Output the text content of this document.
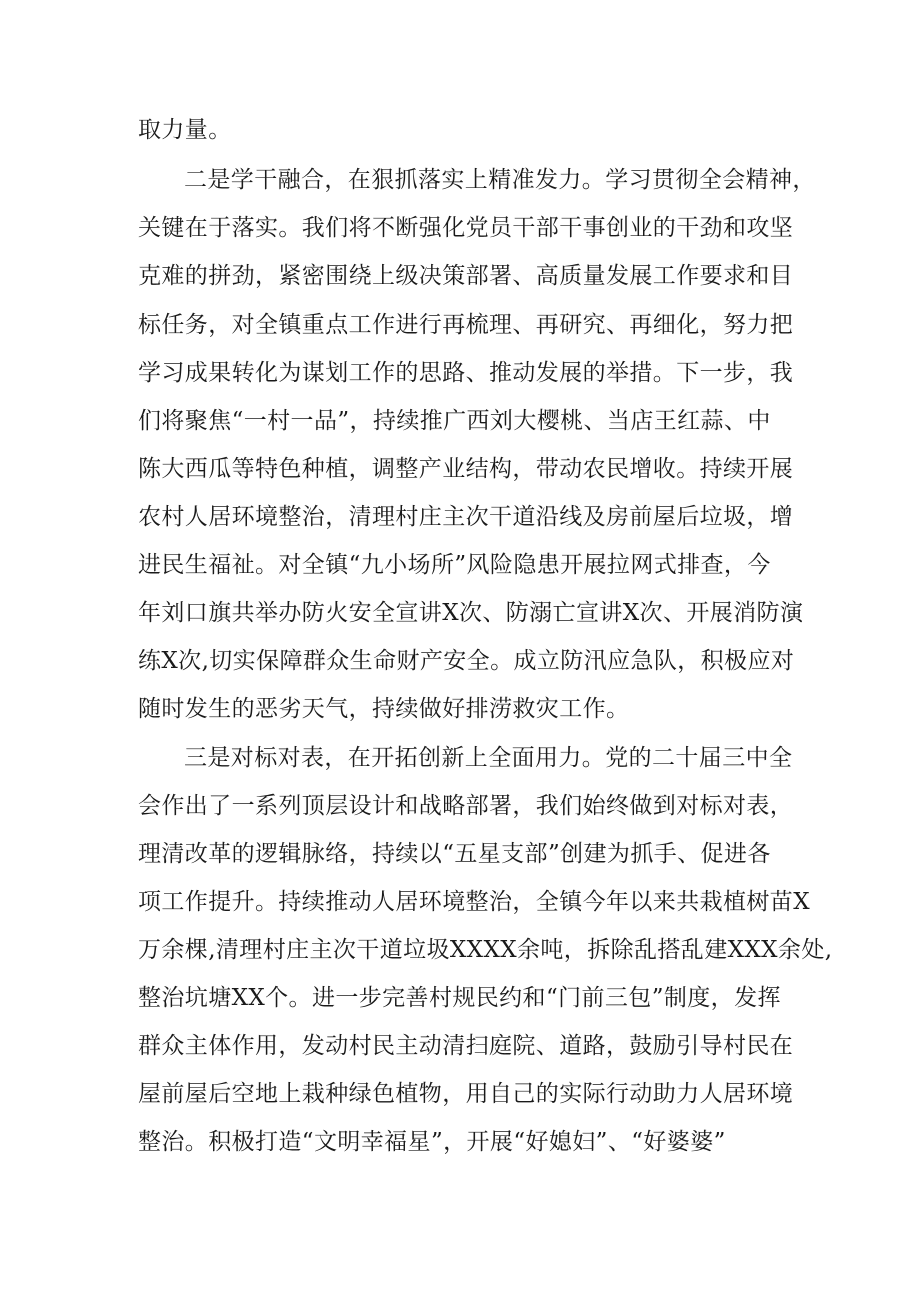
取力量。
二是学干融合，在狠抓落实上精准发力。学习贯彻全会精神，
关键在于落实。我们将不断强化党员干部干事创业的干劲和攻坚
克难的拼劲，紧密围绕上级决策部署、高质量发展工作要求和目
标任务，对全镇重点工作进行再梳理、再研究、再细化，努力把
学习成果转化为谋划工作的思路、推动发展的举措。下一步，我
们将聚焦“一村一品”，持续推广西刘大樱桃、当店王红蒜、中
陈大西瓜等特色种植，调整产业结构，带动农民增收。持续开展
农村人居环境整治，清理村庄主次干道沿线及房前屋后垃圾，增
进民生福祉。对全镇“九小场所”风险隐患开展拉网式排查，今
年刘口旗共举办防火安全宣讲X次、防溺亡宣讲X次、开展消防演
练X次,切实保障群众生命财产安全。成立防汛应急队，积极应对
随时发生的恶劣天气，持续做好排涝救灾工作。
三是对标对表，在开拓创新上全面用力。党的二十届三中全
会作出了一系列顶层设计和战略部署，我们始终做到对标对表，
理清改革的逻辑脉络，持续以“五星支部”创建为抓手、促进各
项工作提升。持续推动人居环境整治，全镇今年以来共栽植树苗X
万余棵,清理村庄主次干道垃圾XXXX余吨，拆除乱搭乱建XXX余处,
整治坑塘XX个。进一步完善村规民约和“门前三包”制度，发挥
群众主体作用，发动村民主动清扫庭院、道路，鼓励引导村民在
屋前屋后空地上栽种绿色植物，用自己的实际行动助力人居环境
整治。积极打造“文明幸福星”，开展“好媳妇”、“好婆婆”
